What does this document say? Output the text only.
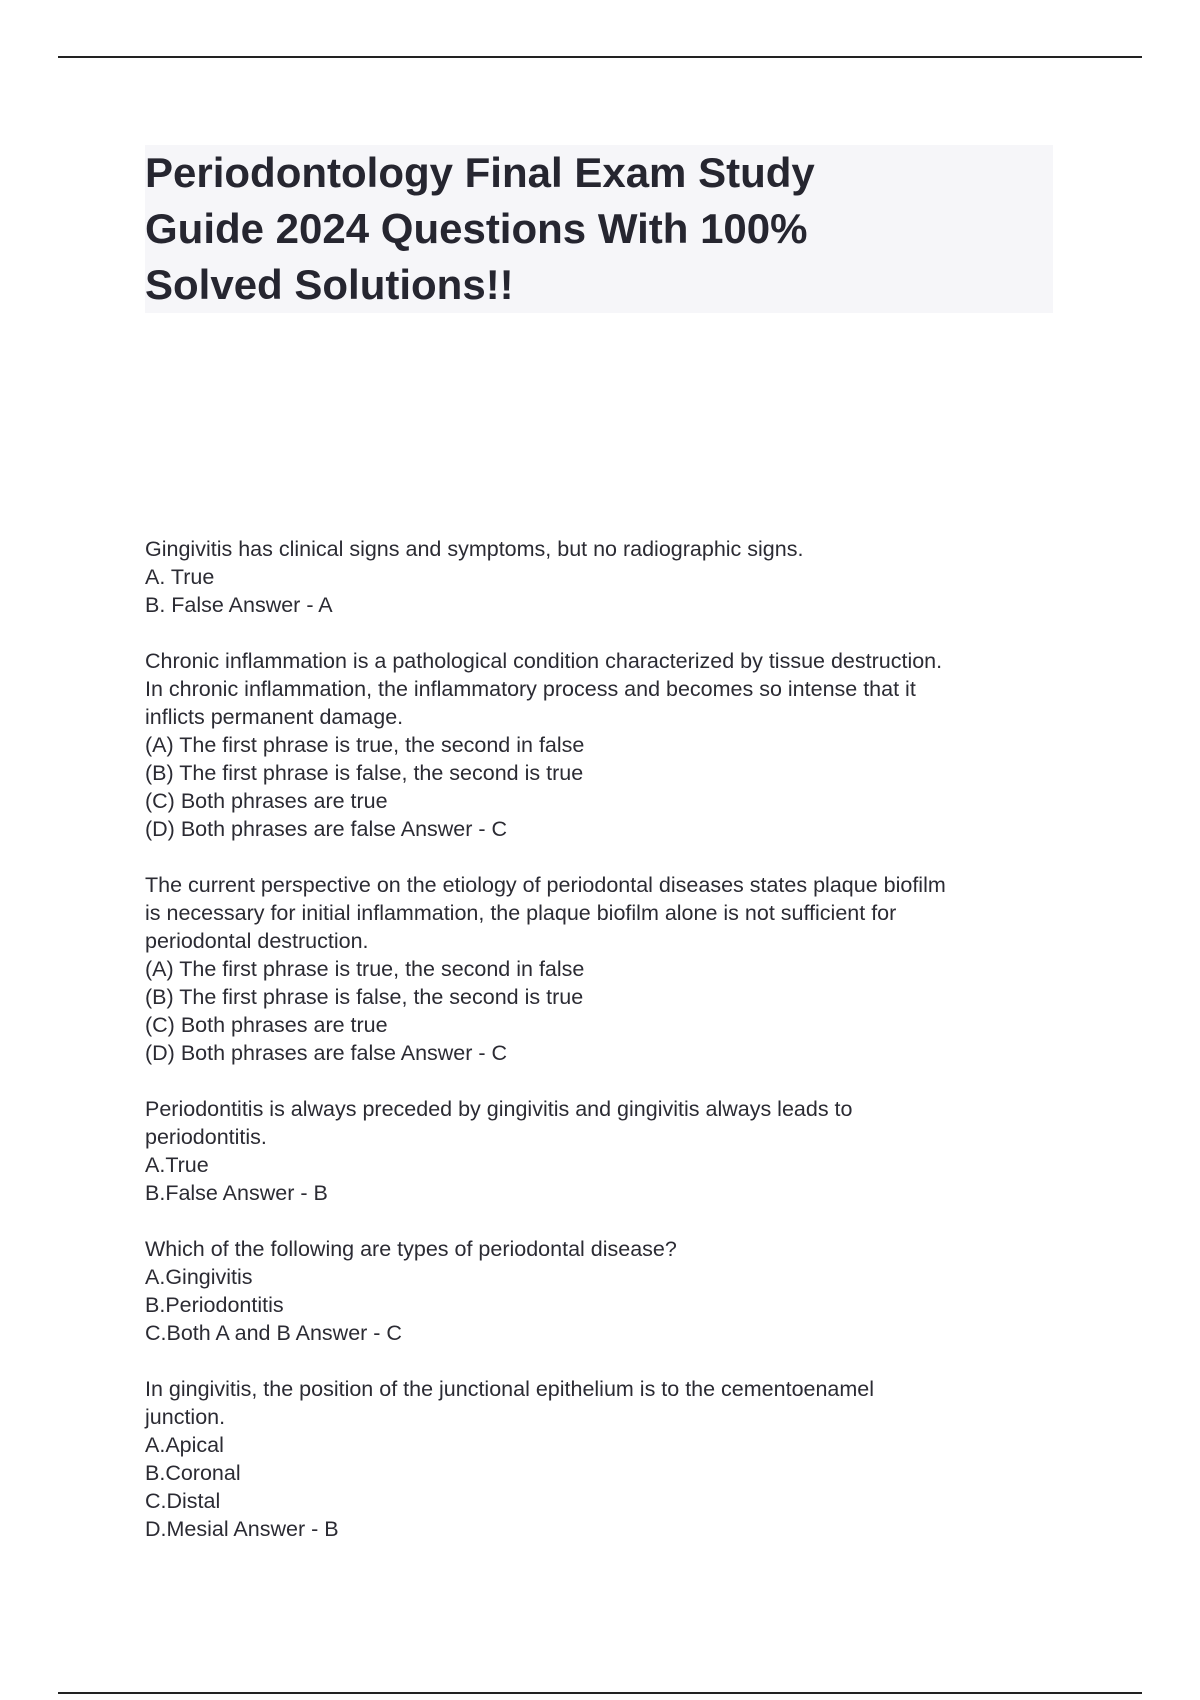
Periodontology Final Exam Study
Guide 2024 Questions With 100%
Solved Solutions!!
Gingivitis has clinical signs and symptoms, but no radiographic signs.
A. True
B. False Answer - A
Chronic inflammation is a pathological condition characterized by tissue destruction.
In chronic inflammation, the inflammatory process and becomes so intense that it
inflicts permanent damage.
(A) The first phrase is true, the second in false
(B) The first phrase is false, the second is true
(C) Both phrases are true
(D) Both phrases are false Answer - C
The current perspective on the etiology of periodontal diseases states plaque biofilm
is necessary for initial inflammation, the plaque biofilm alone is not sufficient for
periodontal destruction.
(A) The first phrase is true, the second in false
(B) The first phrase is false, the second is true
(C) Both phrases are true
(D) Both phrases are false Answer - C
Periodontitis is always preceded by gingivitis and gingivitis always leads to
periodontitis.
A.True
B.False Answer - B
Which of the following are types of periodontal disease?
A.Gingivitis
B.Periodontitis
C.Both A and B Answer - C
In gingivitis, the position of the junctional epithelium is to the cementoenamel
junction.
A.Apical
B.Coronal
C.Distal
D.Mesial Answer - B
